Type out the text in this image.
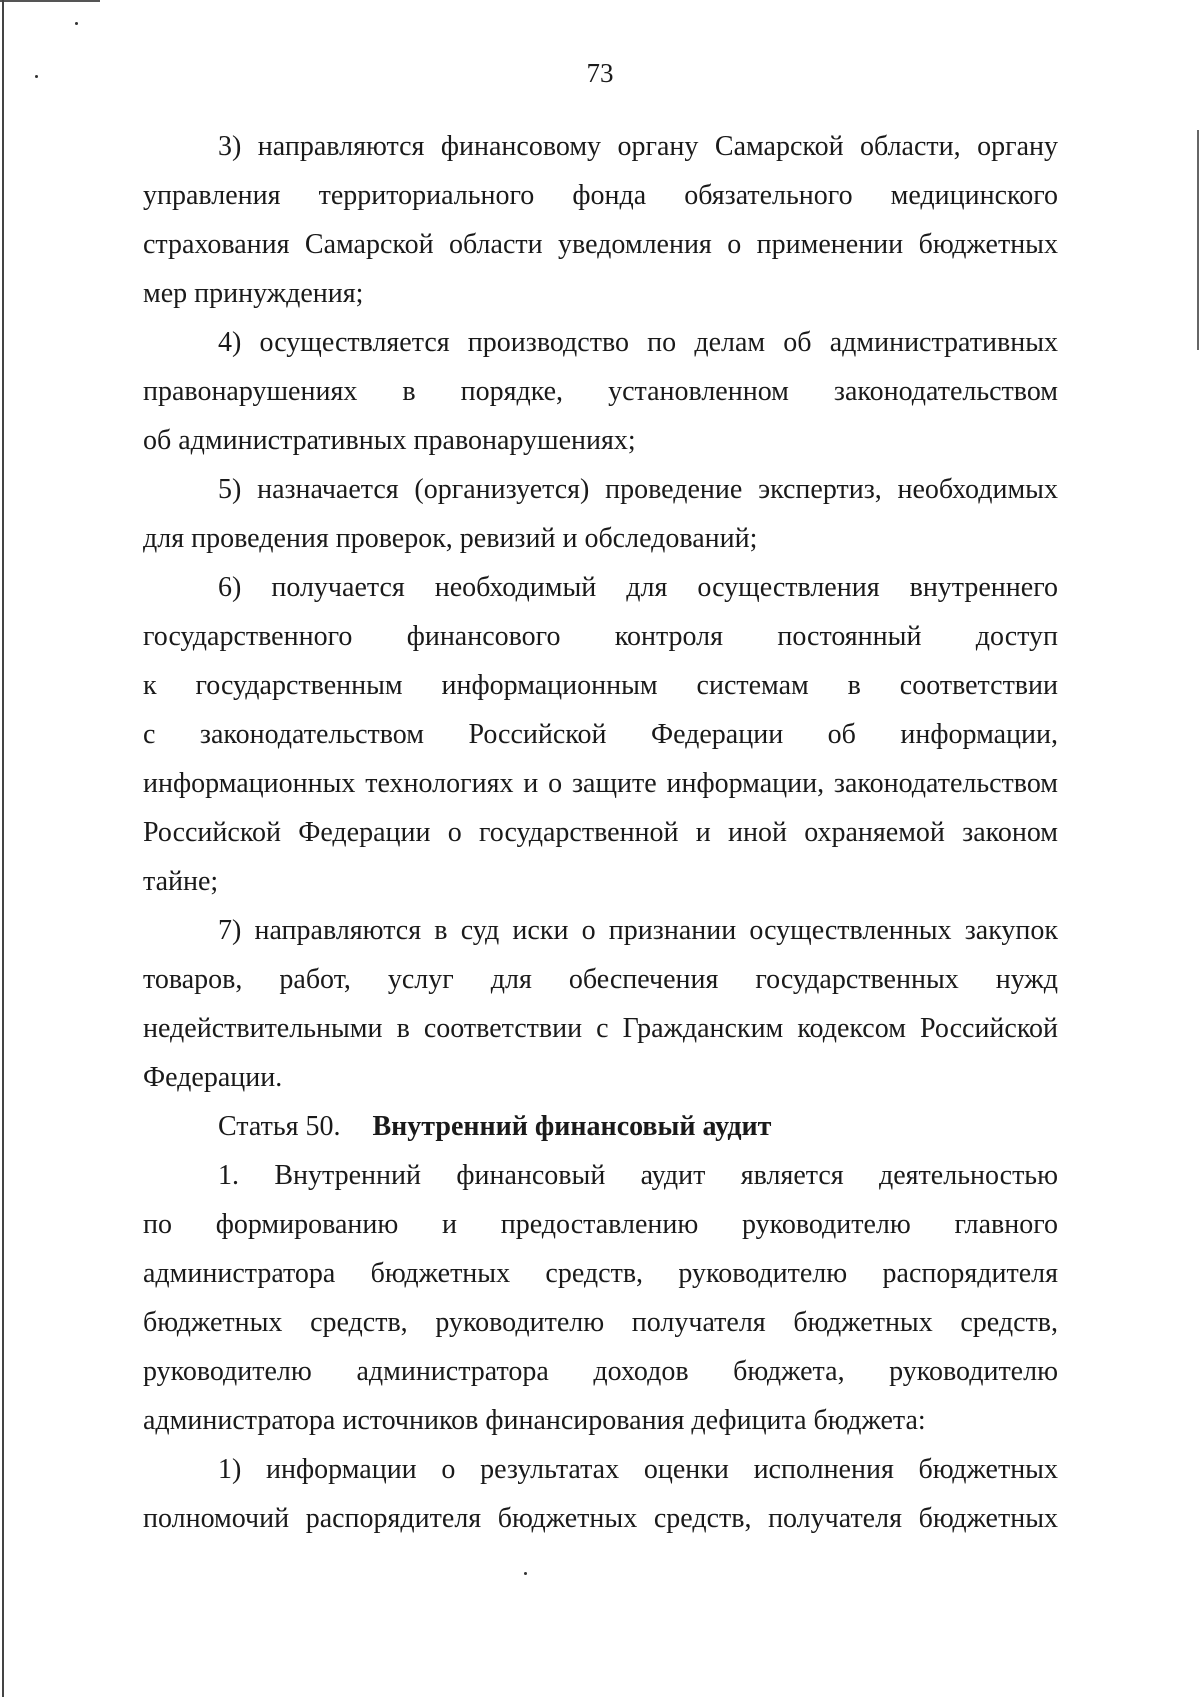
73
3) направляются финансовому органу Самарской области, органу
управления территориального фонда обязательного медицинского
страхования Самарской области уведомления о применении бюджетных
мер принуждения;
4) осуществляется производство по делам об административных
правонарушениях в порядке, установленном законодательством
об административных правонарушениях;
5) назначается (организуется) проведение экспертиз, необходимых
для проведения проверок, ревизий и обследований;
6) получается необходимый для осуществления внутреннего
государственного финансового контроля постоянный доступ
к государственным информационным системам в соответствии
с законодательством Российской Федерации об информации,
информационных технологиях и о защите информации, законодательством
Российской Федерации о государственной и иной охраняемой законом
тайне;
7) направляются в суд иски о признании осуществленных закупок
товаров, работ, услуг для обеспечения государственных нужд
недействительными в соответствии с Гражданским кодексом Российской
Федерации.
Статья 50. Внутренний финансовый аудит
1. Внутренний финансовый аудит является деятельностью
по формированию и предоставлению руководителю главного
администратора бюджетных средств, руководителю распорядителя
бюджетных средств, руководителю получателя бюджетных средств,
руководителю администратора доходов бюджета, руководителю
администратора источников финансирования дефицита бюджета:
1) информации о результатах оценки исполнения бюджетных
полномочий распорядителя бюджетных средств, получателя бюджетных
